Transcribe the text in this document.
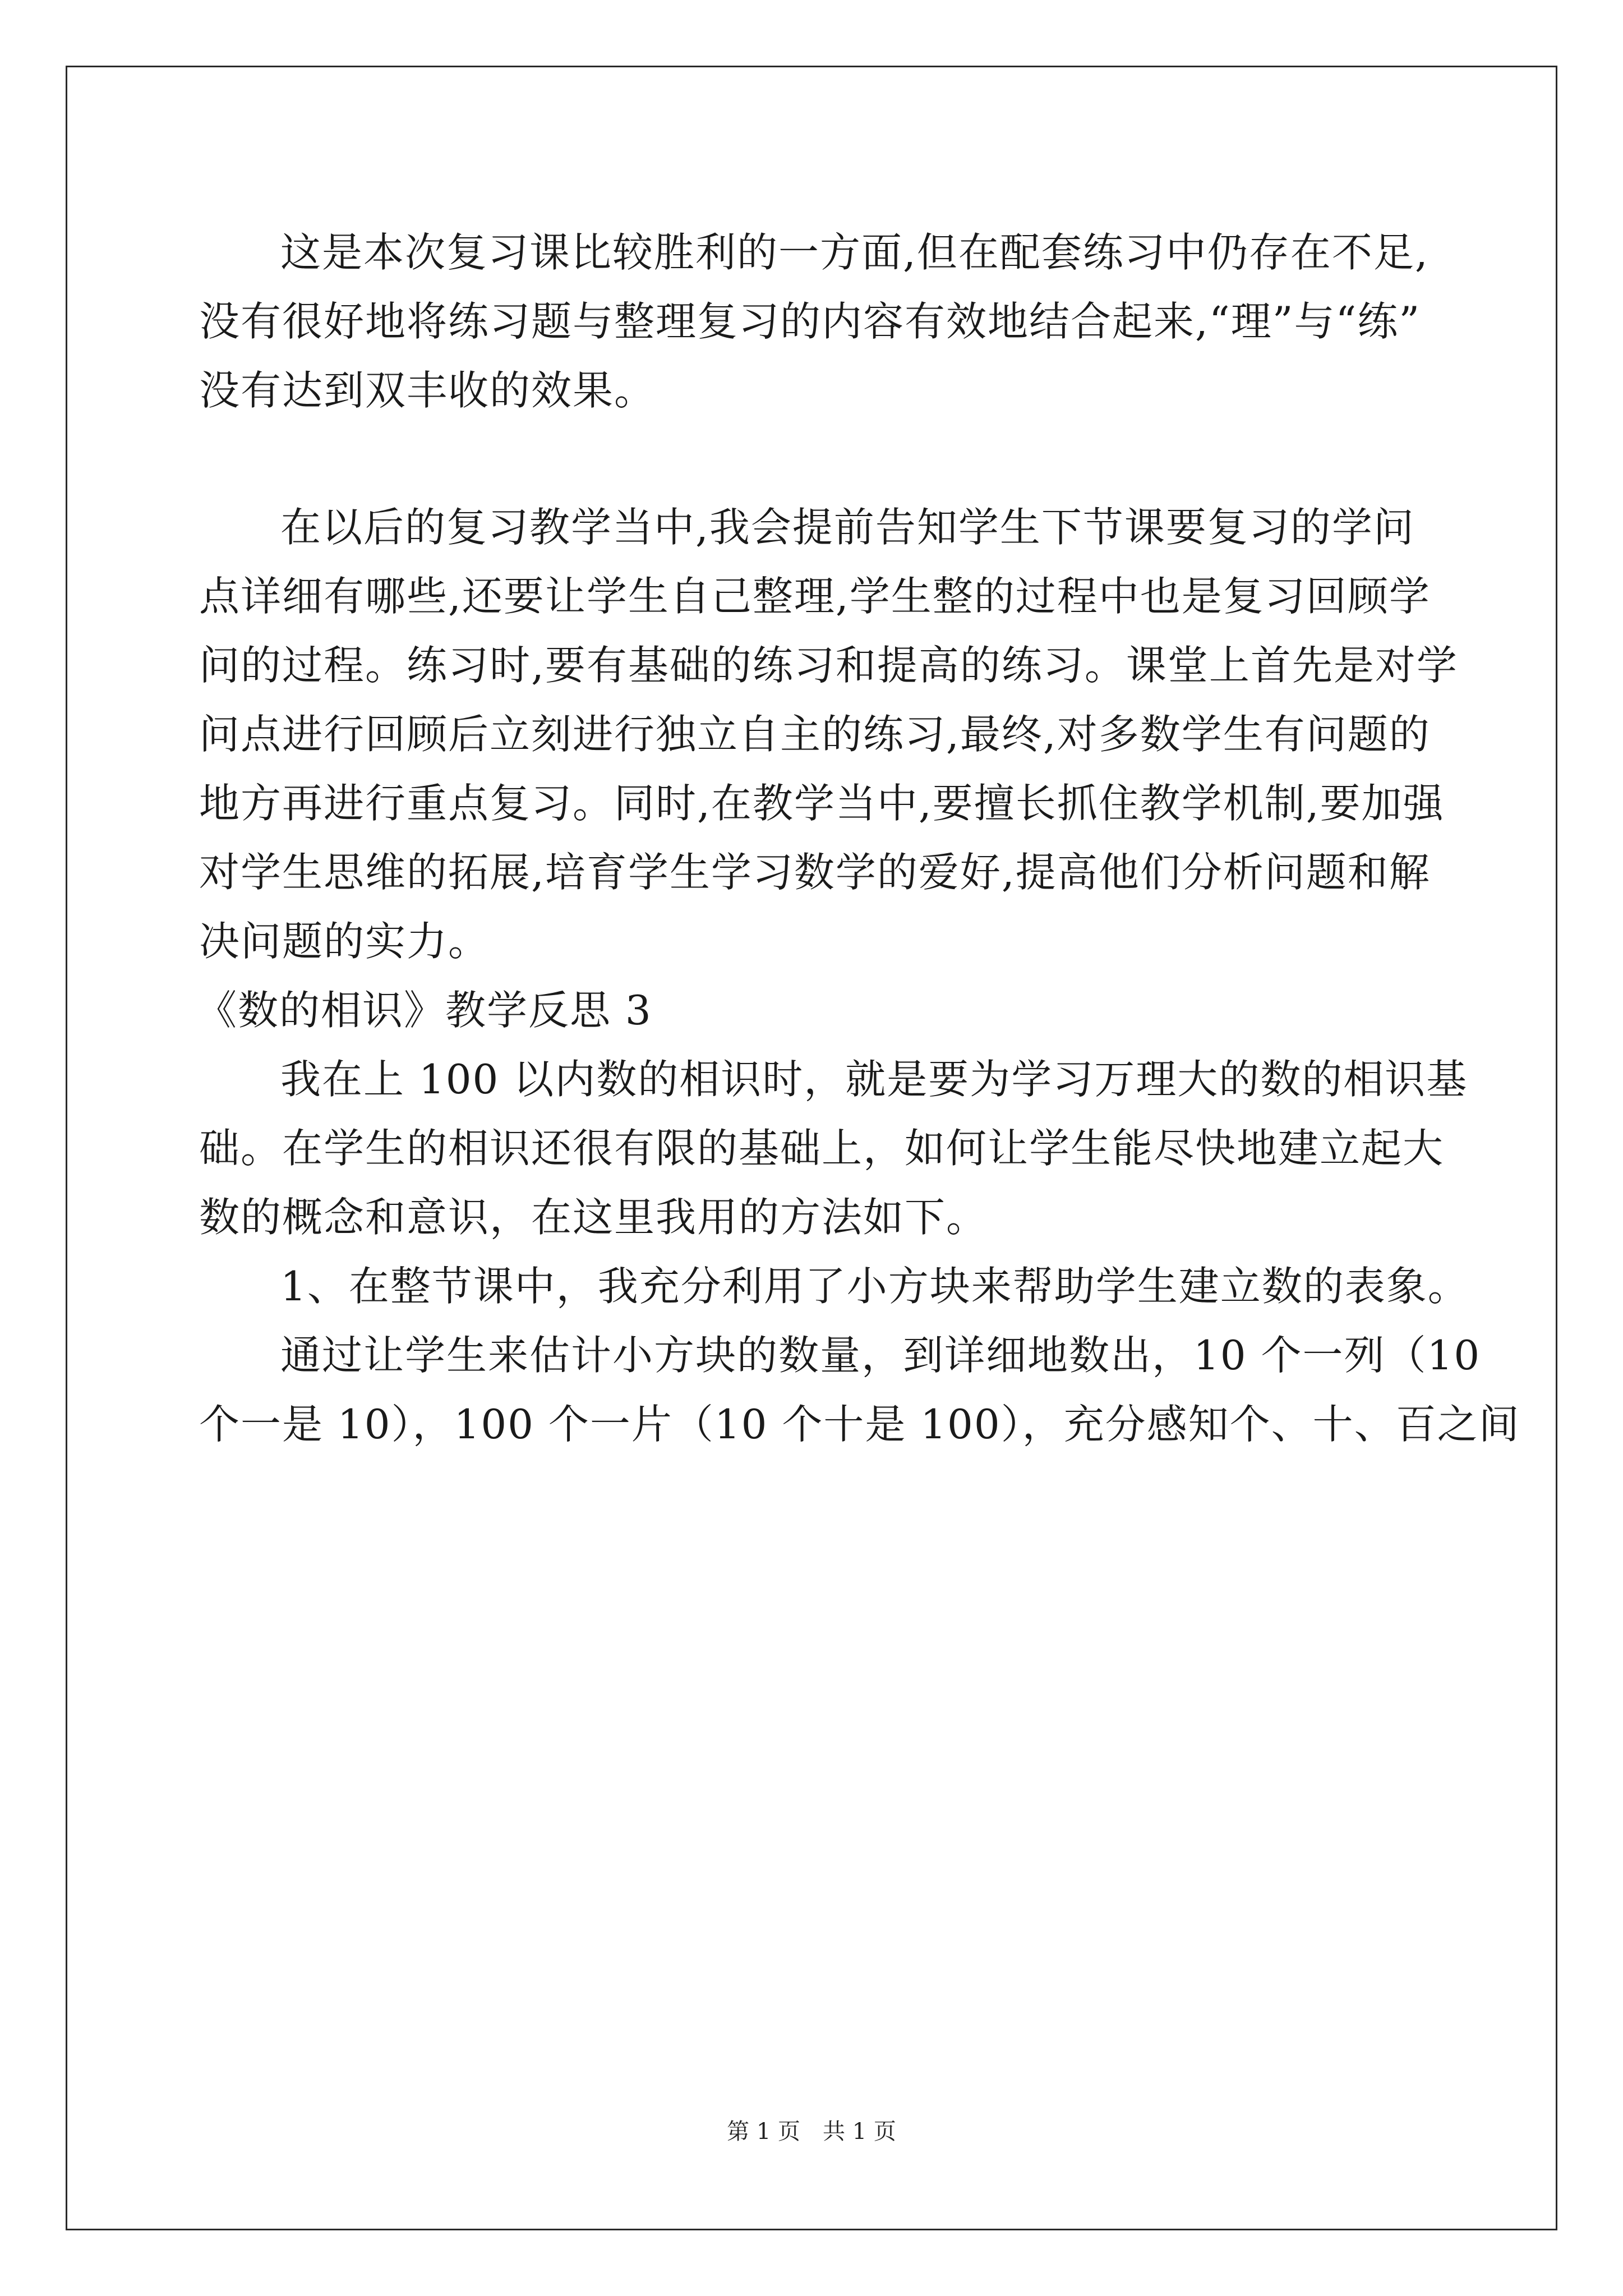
这是本次复习课比较胜利的一方面,但在配套练习中仍存在不足,
没有很好地将练习题与整理复习的内容有效地结合起来,“理”与“练”
没有达到双丰收的效果。
在以后的复习教学当中,我会提前告知学生下节课要复习的学问
点详细有哪些,还要让学生自己整理,学生整的过程中也是复习回顾学
问的过程。练习时,要有基础的练习和提高的练习。课堂上首先是对学
问点进行回顾后立刻进行独立自主的练习,最终,对多数学生有问题的
地方再进行重点复习。同时,在教学当中,要擅长抓住教学机制,要加强
对学生思维的拓展,培育学生学习数学的爱好,提高他们分析问题和解
决问题的实力。
《数的相识》教学反思 3
我在上 100 以内数的相识时，就是要为学习万理大的数的相识基
础。在学生的相识还很有限的基础上，如何让学生能尽快地建立起大
数的概念和意识，在这里我用的方法如下。
1、在整节课中，我充分利用了小方块来帮助学生建立数的表象。
通过让学生来估计小方块的数量，到详细地数出，10 个一列（10
个一是 10），100 个一片（10 个十是 100），充分感知个、十、百之间
第 1 页　共 1 页
